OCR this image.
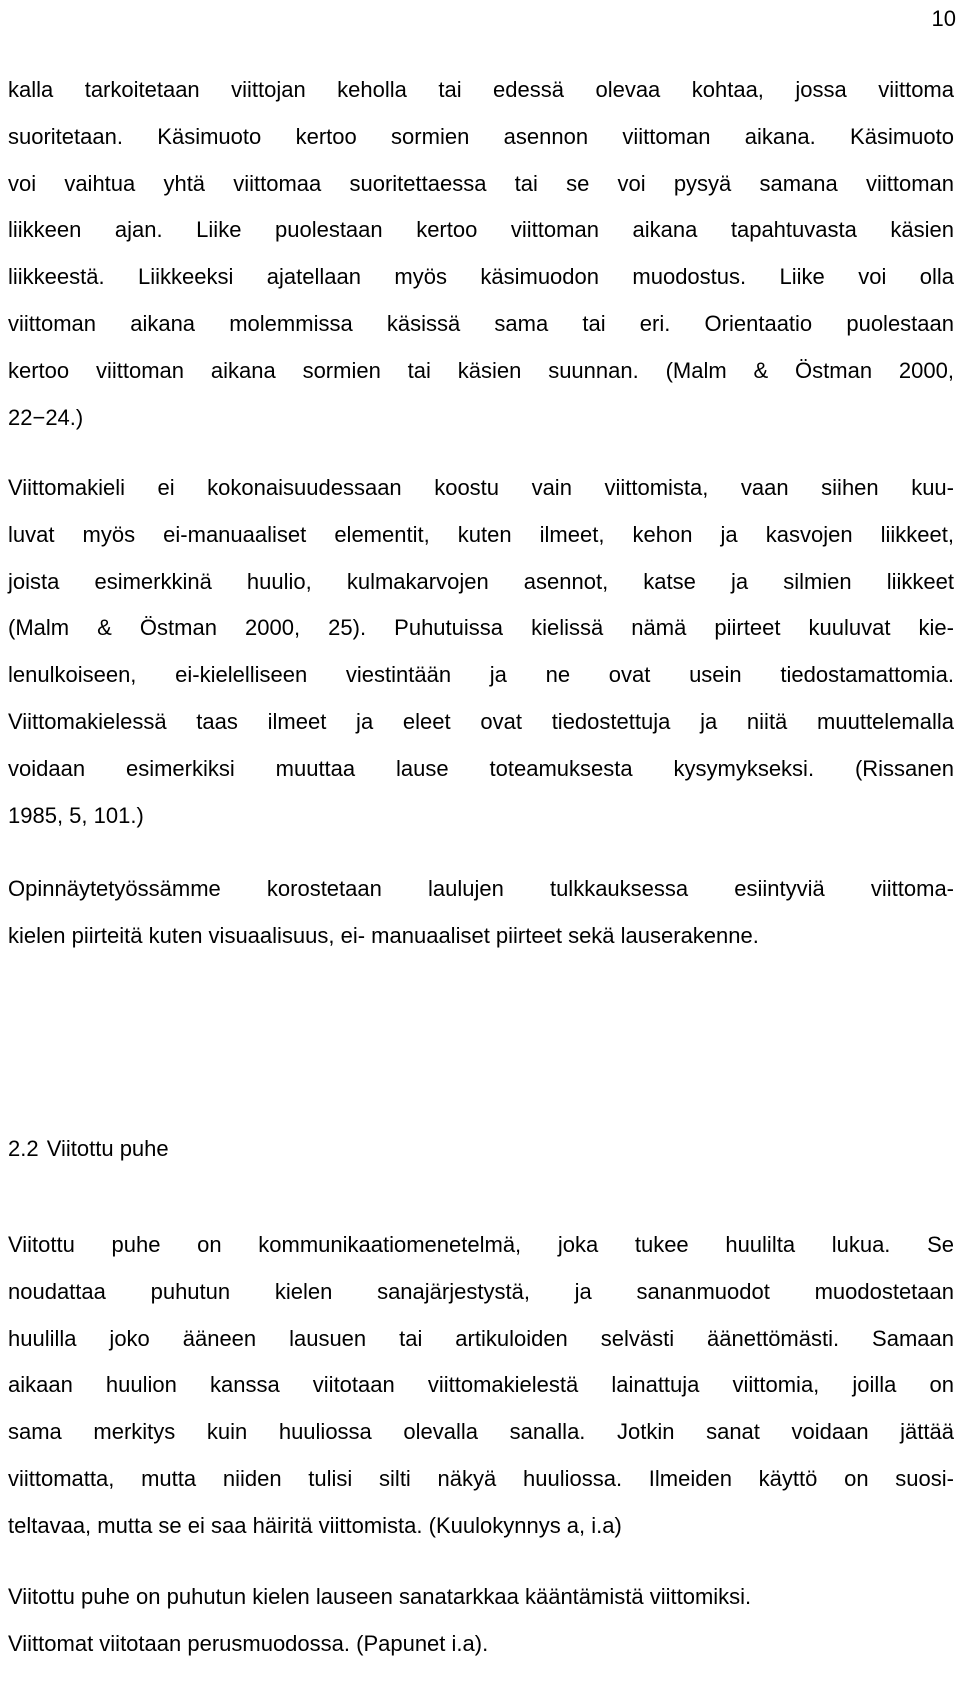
10
kalla tarkoitetaan viittojan keholla tai edessä olevaa kohtaa, jossa viittoma
suoritetaan. Käsimuoto kertoo sormien asennon viittoman aikana. Käsimuoto
voi vaihtua yhtä viittomaa suoritettaessa tai se voi pysyä samana viittoman
liikkeen ajan. Liike puolestaan kertoo viittoman aikana tapahtuvasta käsien
liikkeestä. Liikkeeksi ajatellaan myös käsimuodon muodostus. Liike voi olla
viittoman aikana molemmissa käsissä sama tai eri. Orientaatio puolestaan
kertoo viittoman aikana sormien tai käsien suunnan. (Malm & Östman 2000,
22−24.)
Viittomakieli ei kokonaisuudessaan koostu vain viittomista, vaan siihen kuu-
luvat myös ei-manuaaliset elementit, kuten ilmeet, kehon ja kasvojen liikkeet,
joista esimerkkinä huulio, kulmakarvojen asennot, katse ja silmien liikkeet
(Malm & Östman 2000, 25). Puhutuissa kielissä nämä piirteet kuuluvat kie-
lenulkoiseen, ei-kielelliseen viestintään ja ne ovat usein tiedostamattomia.
Viittomakielessä taas ilmeet ja eleet ovat tiedostettuja ja niitä muuttelemalla
voidaan esimerkiksi muuttaa lause toteamuksesta kysymykseksi. (Rissanen
1985, 5, 101.)
Opinnäytetyössämme korostetaan laulujen tulkkauksessa esiintyviä viittoma-
kielen piirteitä kuten visuaalisuus, ei- manuaaliset piirteet sekä lauserakenne.
2.2 Viitottu puhe
Viitottu puhe on kommunikaatiomenetelmä, joka tukee huulilta lukua. Se
noudattaa puhutun kielen sanajärjestystä, ja sananmuodot muodostetaan
huulilla joko ääneen lausuen tai artikuloiden selvästi äänettömästi. Samaan
aikaan huulion kanssa viitotaan viittomakielestä lainattuja viittomia, joilla on
sama merkitys kuin huuliossa olevalla sanalla. Jotkin sanat voidaan jättää
viittomatta, mutta niiden tulisi silti näkyä huuliossa. Ilmeiden käyttö on suosi-
teltavaa, mutta se ei saa häiritä viittomista. (Kuulokynnys a, i.a)
Viitottu puhe on puhutun kielen lauseen sanatarkkaa kääntämistä viittomiksi.
Viittomat viitotaan perusmuodossa. (Papunet i.a).
